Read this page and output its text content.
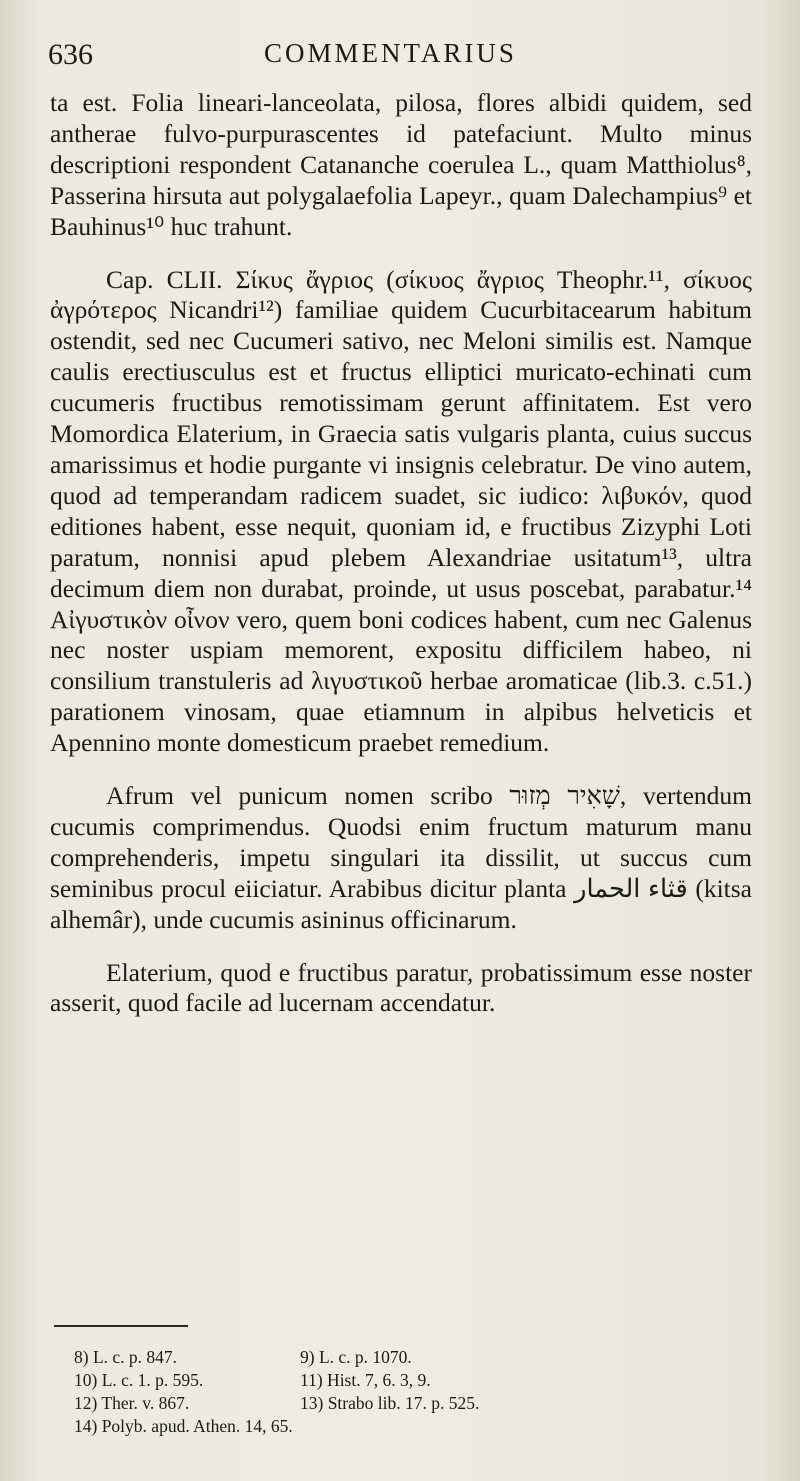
636	COMMENTARIUS

ta est. Folia lineari-lanceolata, pilosa, flores albidi quidem, sed antherae fulvo-purpurascentes id patefaciunt. Multo minus descriptioni respondent Catananche coerulea L., quam Matthiolus⁸, Passerina hirsuta aut polygalaefolia Lapeyr., quam Dalechampius⁹ et Bauhinus¹⁰ huc trahunt.

Cap. CLII. Σίκυς ἄγριος (σίκυος ἄγριος Theophr.¹¹, σίκυος ἀγρότερος Nicandri¹²) familiae quidem Cucurbitacearum habitum ostendit, sed nec Cucumeri sativo, nec Meloni similis est. Namque caulis erectiusculus est et fructus elliptici muricato-echinati cum cucumeris fructibus remotissimam gerunt affinitatem. Est vero Momordica Elaterium, in Graecia satis vulgaris planta, cuius succus amarissimus et hodie purgante vi insignis celebratur. De vino autem, quod ad temperandam radicem suadet, sic iudico: λιβυκόν, quod editiones habent, esse nequit, quoniam id, e fructibus Zizyphi Loti paratum, nonnisi apud plebem Alexandriae usitatum¹³, ultra decimum diem non durabat, proinde, ut usus poscebat, parabatur.¹⁴ Αἰγυστικὸν οἶνον vero, quem boni codices habent, cum nec Galenus nec noster uspiam memorent, expositu difficilem habeo, ni consilium transtuleris ad λιγυστικοῦ herbae aromaticae (lib.3. c.51.) parationem vinosam, quae etiamnum in alpibus helveticis et Apennino monte domesticum praebet remedium.

Afrum vel punicum nomen scribo שָׁאִיר מְזוּר, vertendum cucumis comprimendus. Quodsi enim fructum maturum manu comprehenderis, impetu singulari ita dissilit, ut succus cum seminibus procul eiiciatur. Arabibus dicitur planta قثاء الحمار (kitsa alhemâr), unde cucumis asininus officinarum.

Elaterium, quod e fructibus paratur, probatissimum esse noster asserit, quod facile ad lucernam accendatur.

8) L. c. p. 847.	9) L. c. p. 1070.
10) L. c. 1. p. 595.	11) Hist. 7, 6. 3, 9.
12) Ther. v. 867.	13) Strabo lib. 17. p. 525.
14) Polyb. apud. Athen. 14, 65.
